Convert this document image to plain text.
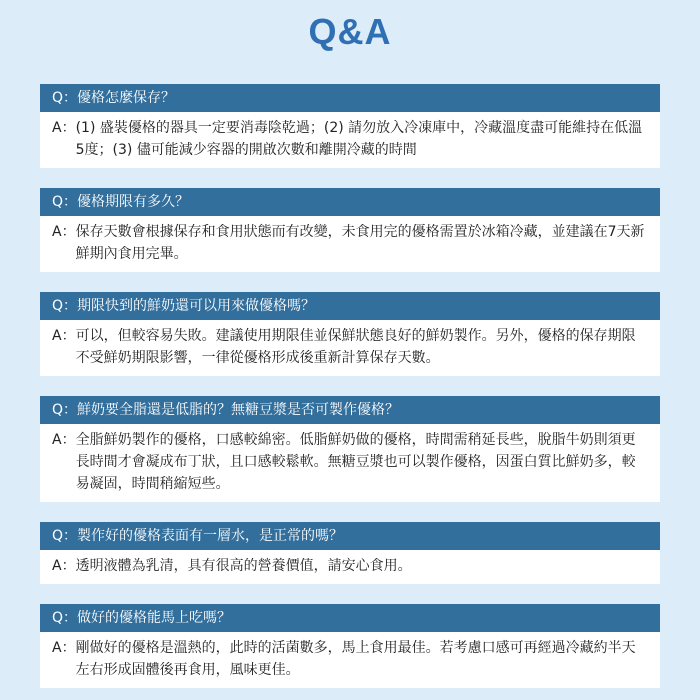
Q&A
Q：優格怎麼保存？
A： (1) 盛裝優格的器具一定要消毒陰乾過；(2) 請勿放入冷凍庫中，冷藏溫度盡可能維持在低溫5度；(3) 儘可能減少容器的開啟次數和離開冷藏的時間
Q：優格期限有多久？
A： 保存天數會根據保存和食用狀態而有改變，未食用完的優格需置於冰箱冷藏，並建議在7天新鮮期內食用完畢。
Q：期限快到的鮮奶還可以用來做優格嗎？
A： 可以，但較容易失敗。建議使用期限佳並保鮮狀態良好的鮮奶製作。另外，優格的保存期限不受鮮奶期限影響，一律從優格形成後重新計算保存天數。
Q：鮮奶要全脂還是低脂的？無糖豆漿是否可製作優格？
A： 全脂鮮奶製作的優格，口感較綿密。低脂鮮奶做的優格，時間需稍延長些，脫脂牛奶則須更長時間才會凝成布丁狀，且口感較鬆軟。無糖豆漿也可以製作優格，因蛋白質比鮮奶多，較易凝固，時間稍縮短些。
Q：製作好的優格表面有一層水，是正常的嗎？
A： 透明液體為乳清，具有很高的營養價值，請安心食用。
Q：做好的優格能馬上吃嗎？
A： 剛做好的優格是溫熱的，此時的活菌數多，馬上食用最佳。若考慮口感可再經過冷藏約半天左右形成固體後再食用，風味更佳。
